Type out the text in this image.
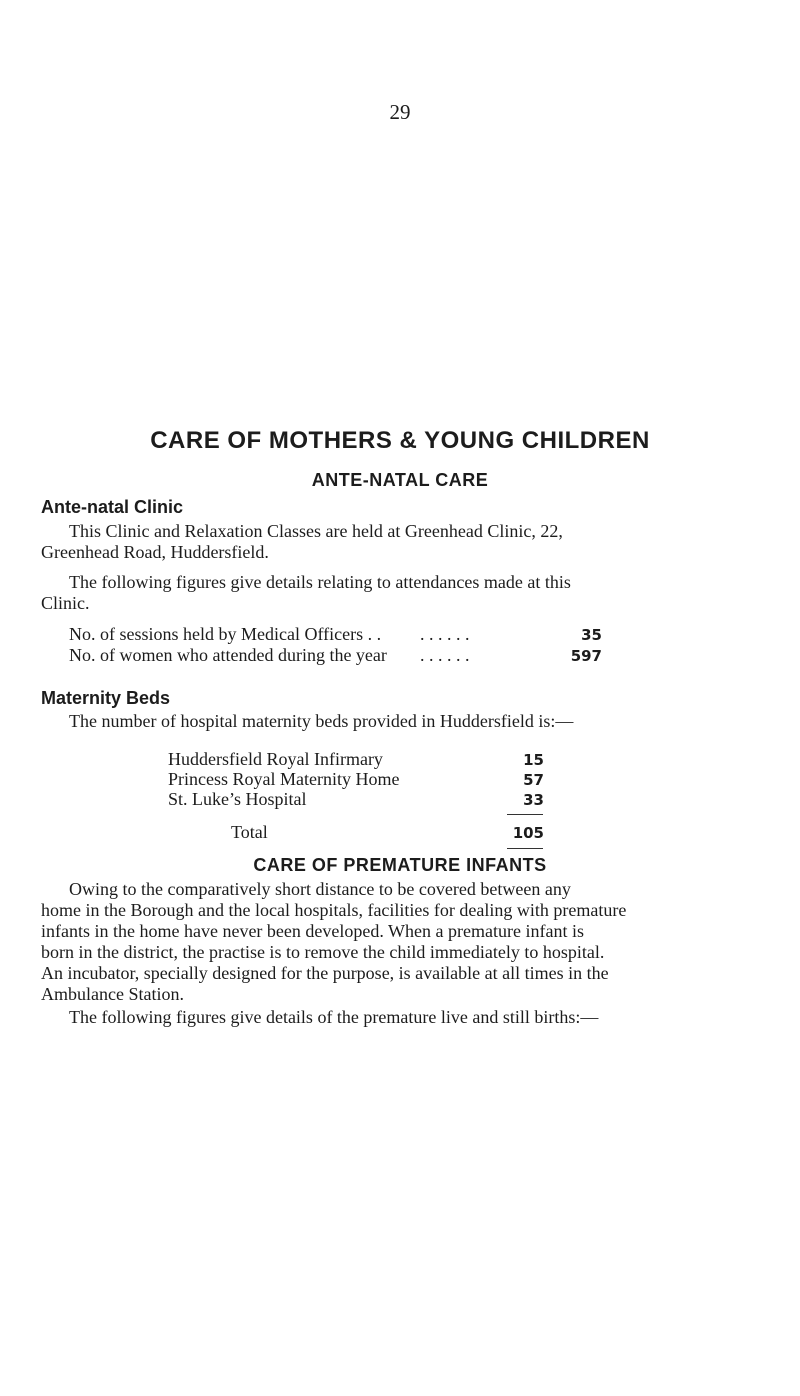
29
CARE OF MOTHERS & YOUNG CHILDREN
ANTE-NATAL CARE
Ante-natal Clinic
This Clinic and Relaxation Classes are held at Greenhead Clinic, 22,
Greenhead Road, Huddersfield.
The following figures give details relating to attendances made at this
Clinic.
No. of sessions held by Medical Officers . . . . . . . .	35
No. of women who attended during the year . . . . . .	597
Maternity Beds
The number of hospital maternity beds provided in Huddersfield is:—
Huddersfield Royal Infirmary	15
Princess Royal Maternity Home	57
St. Luke’s Hospital	33
Total	105
CARE OF PREMATURE INFANTS
Owing to the comparatively short distance to be covered between any
home in the Borough and the local hospitals, facilities for dealing with premature
infants in the home have never been developed. When a premature infant is
born in the district, the practise is to remove the child immediately to hospital.
An incubator, specially designed for the purpose, is available at all times in the
Ambulance Station.
The following figures give details of the premature live and still births:—
